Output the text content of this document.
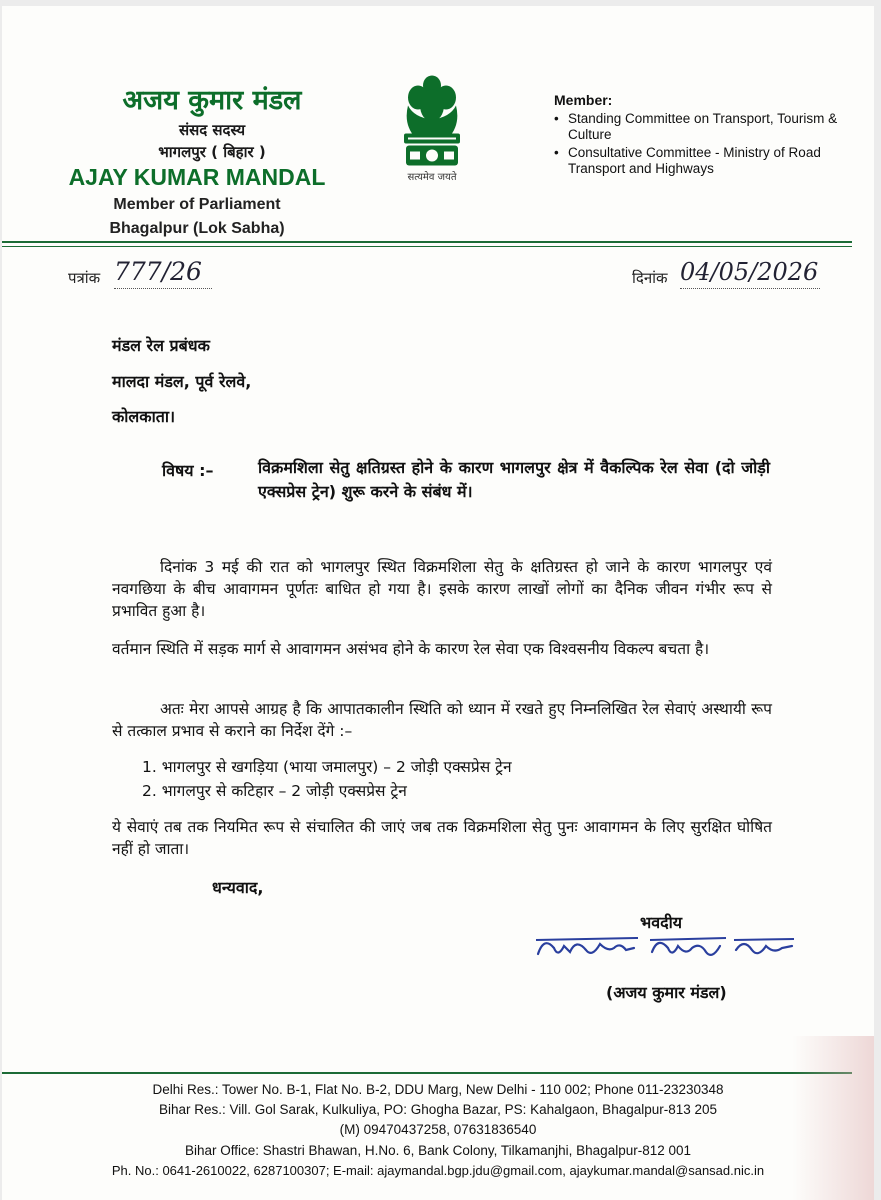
अजय कुमार मंडल
संसद सदस्य
भागलपुर ( बिहार )
AJAY KUMAR MANDAL
Member of Parliament
Bhagalpur (Lok Sabha)
सत्यमेव जयते
Member:
• Standing Committee on Transport, Tourism & Culture
• Consultative Committee - Ministry of Road Transport and Highways
पत्रांक 777/26	दिनांक 04/05/2026
मंडल रेल प्रबंधक
मालदा मंडल, पूर्व रेलवे,
कोलकाता।
विषय :–	विक्रमशिला सेतु क्षतिग्रस्त होने के कारण भागलपुर क्षेत्र में वैकल्पिक रेल सेवा (दो जोड़ी एक्सप्रेस ट्रेन) शुरू करने के संबंध में।
दिनांक 3 मई की रात को भागलपुर स्थित विक्रमशिला सेतु के क्षतिग्रस्त हो जाने के कारण भागलपुर एवं नवगछिया के बीच आवागमन पूर्णतः बाधित हो गया है। इसके कारण लाखों लोगों का दैनिक जीवन गंभीर रूप से प्रभावित हुआ है।
वर्तमान स्थिति में सड़क मार्ग से आवागमन असंभव होने के कारण रेल सेवा एक विश्वसनीय विकल्प बचता है।
अतः मेरा आपसे आग्रह है कि आपातकालीन स्थिति को ध्यान में रखते हुए निम्नलिखित रेल सेवाएं अस्थायी रूप से तत्काल प्रभाव से कराने का निर्देश देंगे :–
1. भागलपुर से खगड़िया (भाया जमालपुर) – 2 जोड़ी एक्सप्रेस ट्रेन
2. भागलपुर से कटिहार – 2 जोड़ी एक्सप्रेस ट्रेन
ये सेवाएं तब तक नियमित रूप से संचालित की जाएं जब तक विक्रमशिला सेतु पुनः आवागमन के लिए सुरक्षित घोषित नहीं हो जाता।
धन्यवाद,
भवदीय
(अजय कुमार मंडल)
Delhi Res.: Tower No. B-1, Flat No. B-2, DDU Marg, New Delhi - 110 002; Phone 011-23230348
Bihar Res.: Vill. Gol Sarak, Kulkuliya, PO: Ghogha Bazar, PS: Kahalgaon, Bhagalpur-813 205
(M) 09470437258, 07631836540
Bihar Office: Shastri Bhawan, H.No. 6, Bank Colony, Tilkamanjhi, Bhagalpur-812 001
Ph. No.: 0641-2610022, 6287100307; E-mail: ajaymandal.bgp.jdu@gmail.com, ajaykumar.mandal@sansad.nic.in
